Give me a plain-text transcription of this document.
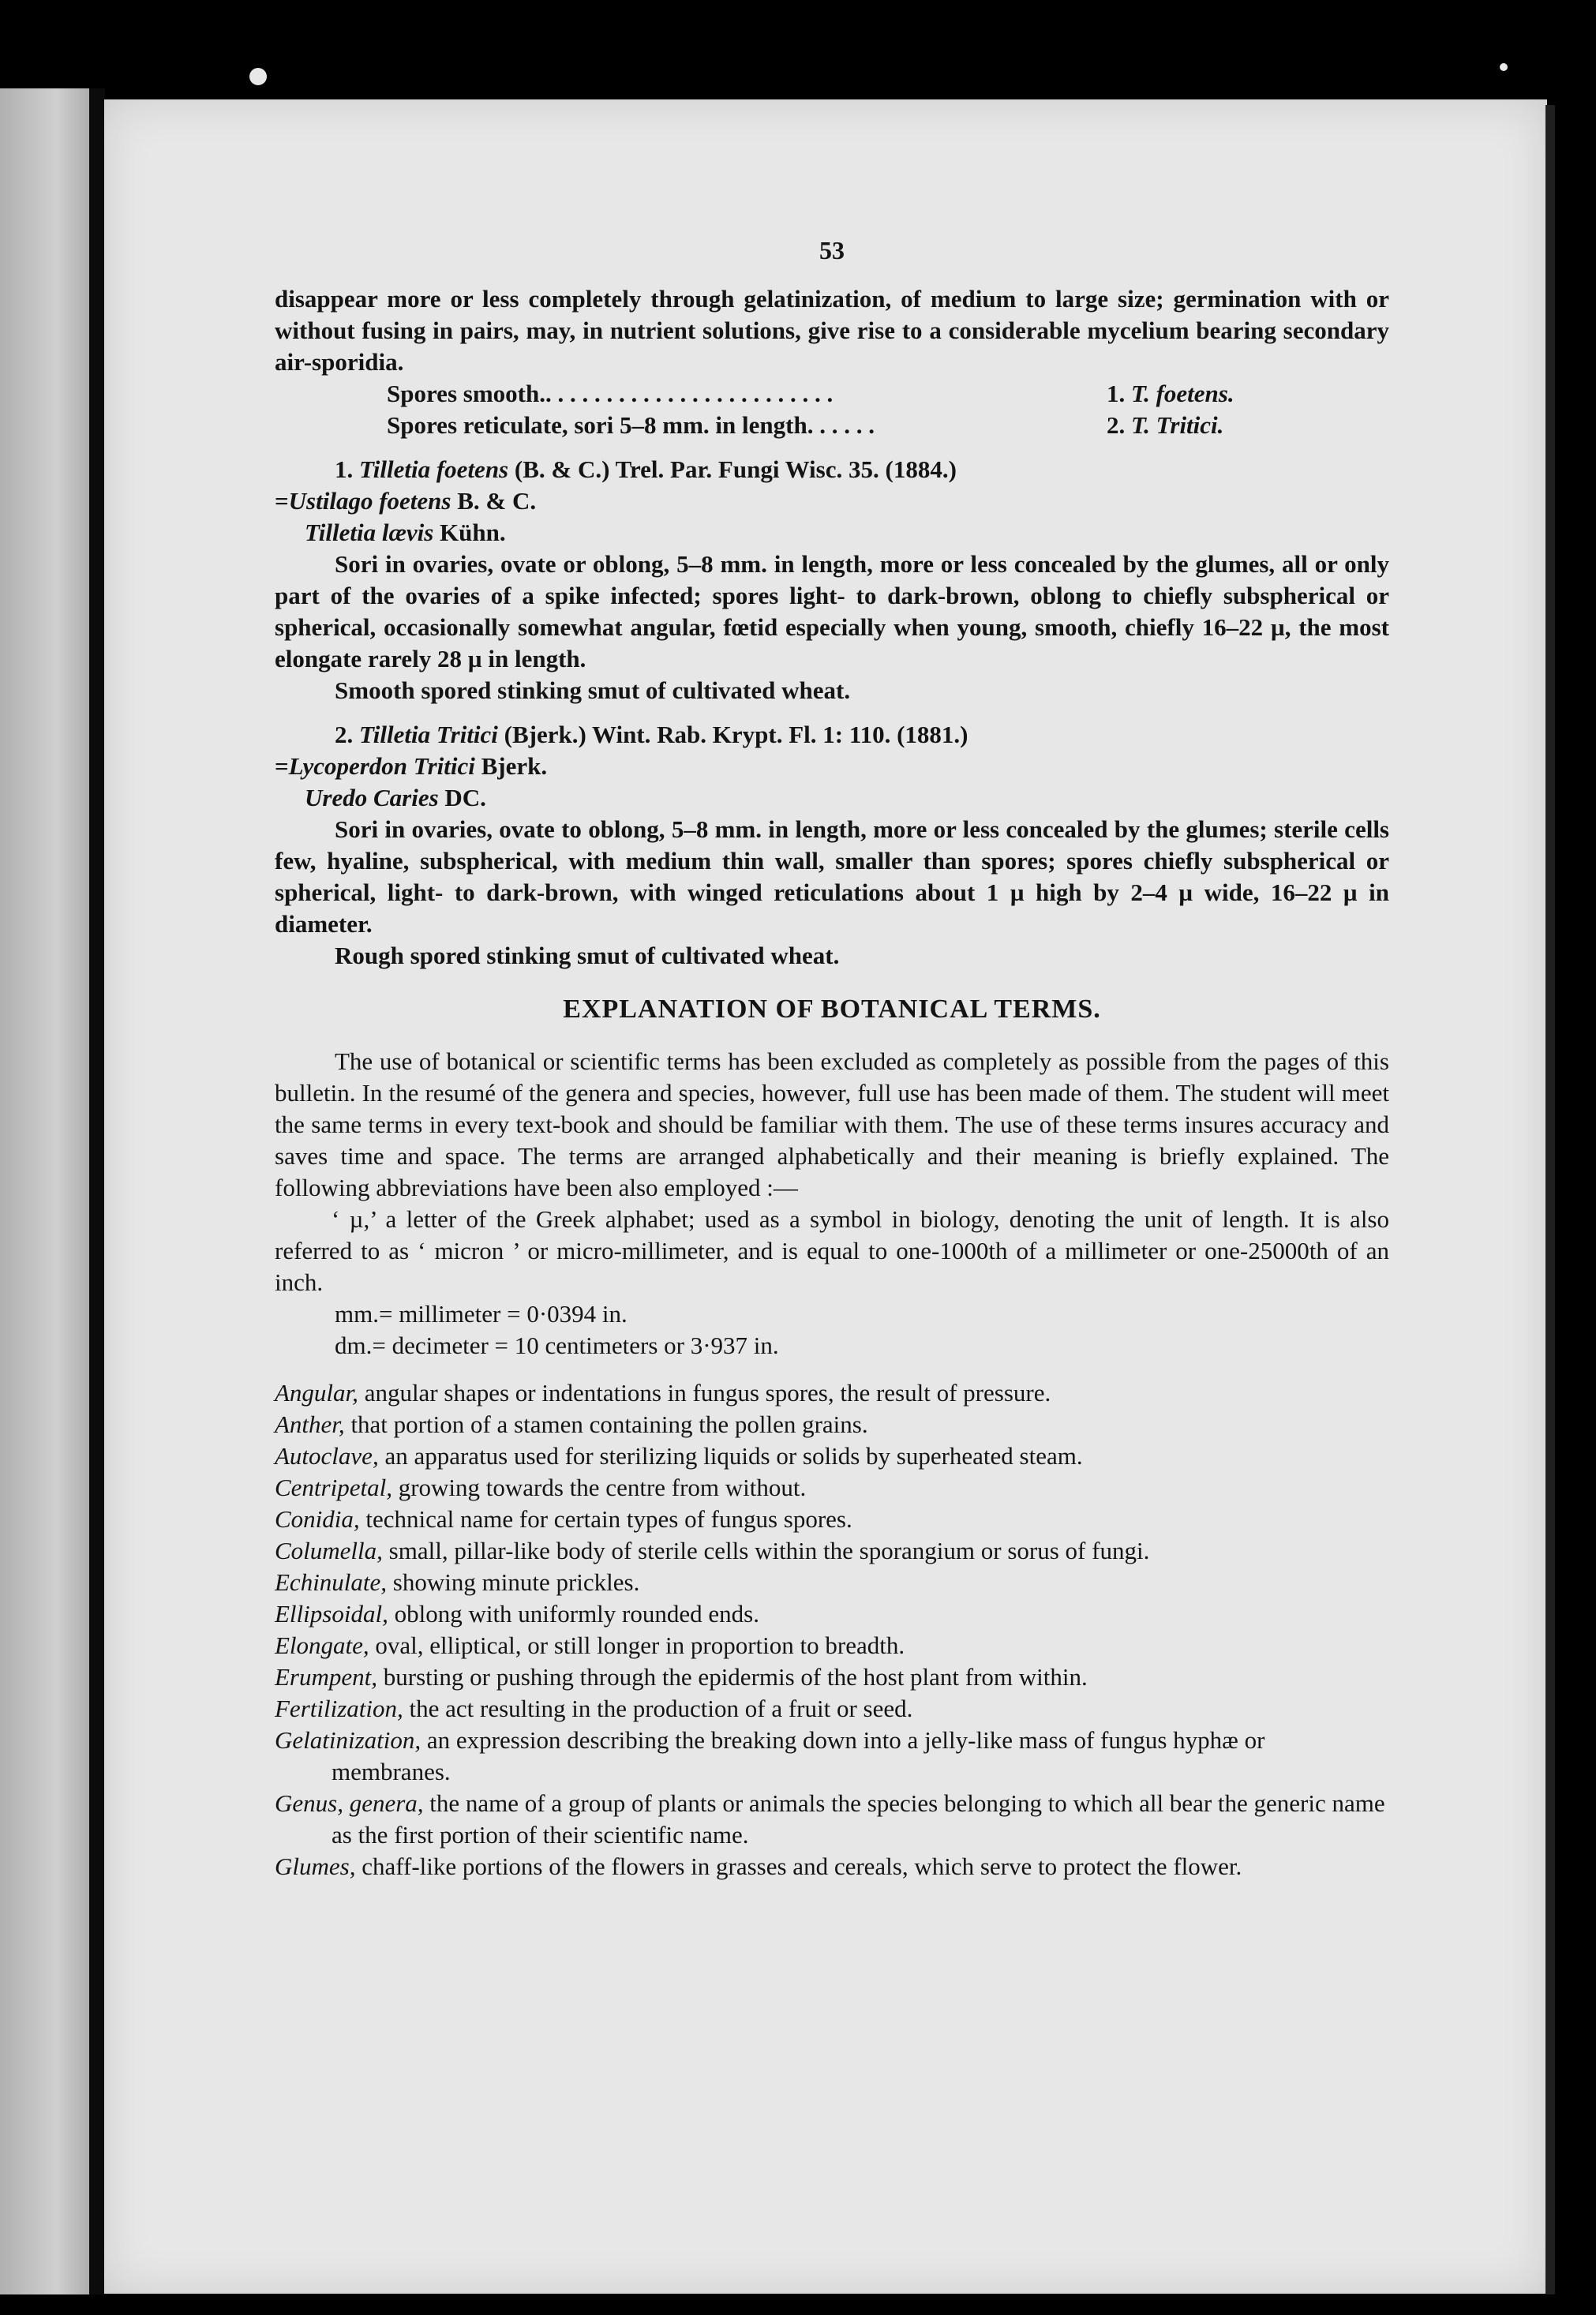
53

disappear more or less completely through gelatinization, of medium to large size; germination with or without fusing in pairs, may, in nutrient solutions, give rise to a considerable mycelium bearing secondary air-sporidia.

Spores smooth.. . . . . . . . . . . . . . . . . . . . . . . .	1.
T. foetens.
Spores reticulate, sori 5–8 mm. in length. . . . . .	2.
T. Tritici.

1. Tilletia foetens (B. & C.) Trel. Par. Fungi Wisc. 35. (1884.)

=Ustilago foetens B. & C.

Tilletia lævis Kühn.

Sori in ovaries, ovate or oblong, 5–8 mm. in length, more or less concealed by the glumes, all or only part of the ovaries of a spike infected; spores light- to dark-brown, oblong to chiefly subspherical or spherical, occasionally somewhat angular, fœtid especially when young, smooth, chiefly 16–22 µ, the most elongate rarely 28 µ in length.

Smooth spored stinking smut of cultivated wheat.

2. Tilletia Tritici (Bjerk.) Wint. Rab. Krypt. Fl. 1: 110. (1881.)

=Lycoperdon Tritici Bjerk.

Uredo Caries DC.

Sori in ovaries, ovate to oblong, 5–8 mm. in length, more or less concealed by the glumes; sterile cells few, hyaline, subspherical, with medium thin wall, smaller than spores; spores chiefly subspherical or spherical, light- to dark-brown, with winged reticulations about 1 µ high by 2–4 µ wide, 16–22 µ in diameter.

Rough spored stinking smut of cultivated wheat.

EXPLANATION OF BOTANICAL TERMS.

The use of botanical or scientific terms has been excluded as completely as possible from the pages of this bulletin. In the resumé of the genera and species, however, full use has been made of them. The student will meet the same terms in every text-book and should be familiar with them. The use of these terms insures accuracy and saves time and space. The terms are arranged alphabetically and their meaning is briefly explained. The following abbreviations have been also employed :—

‘ µ,’ a letter of the Greek alphabet; used as a symbol in biology, denoting the unit of length. It is also referred to as ‘ micron ’ or micro-millimeter, and is equal to one-1000th of a millimeter or one-25000th of an inch.

mm.= millimeter = 0·0394 in.

dm.= decimeter = 10 centimeters or 3·937 in.

Angular, angular shapes or indentations in fungus spores, the result of pressure.

Anther, that portion of a stamen containing the pollen grains.

Autoclave, an apparatus used for sterilizing liquids or solids by superheated steam.

Centripetal, growing towards the centre from without.

Conidia, technical name for certain types of fungus spores.

Columella, small, pillar-like body of sterile cells within the sporangium or sorus of fungi.

Echinulate, showing minute prickles.

Ellipsoidal, oblong with uniformly rounded ends.

Elongate, oval, elliptical, or still longer in proportion to breadth.

Erumpent, bursting or pushing through the epidermis of the host plant from within.

Fertilization, the act resulting in the production of a fruit or seed.

Gelatinization, an expression describing the breaking down into a jelly-like mass of fungus hyphæ or membranes.

Genus, genera, the name of a group of plants or animals the species belonging to which all bear the generic name as the first portion of their scientific name.

Glumes, chaff-like portions of the flowers in grasses and cereals, which serve to protect the flower.
